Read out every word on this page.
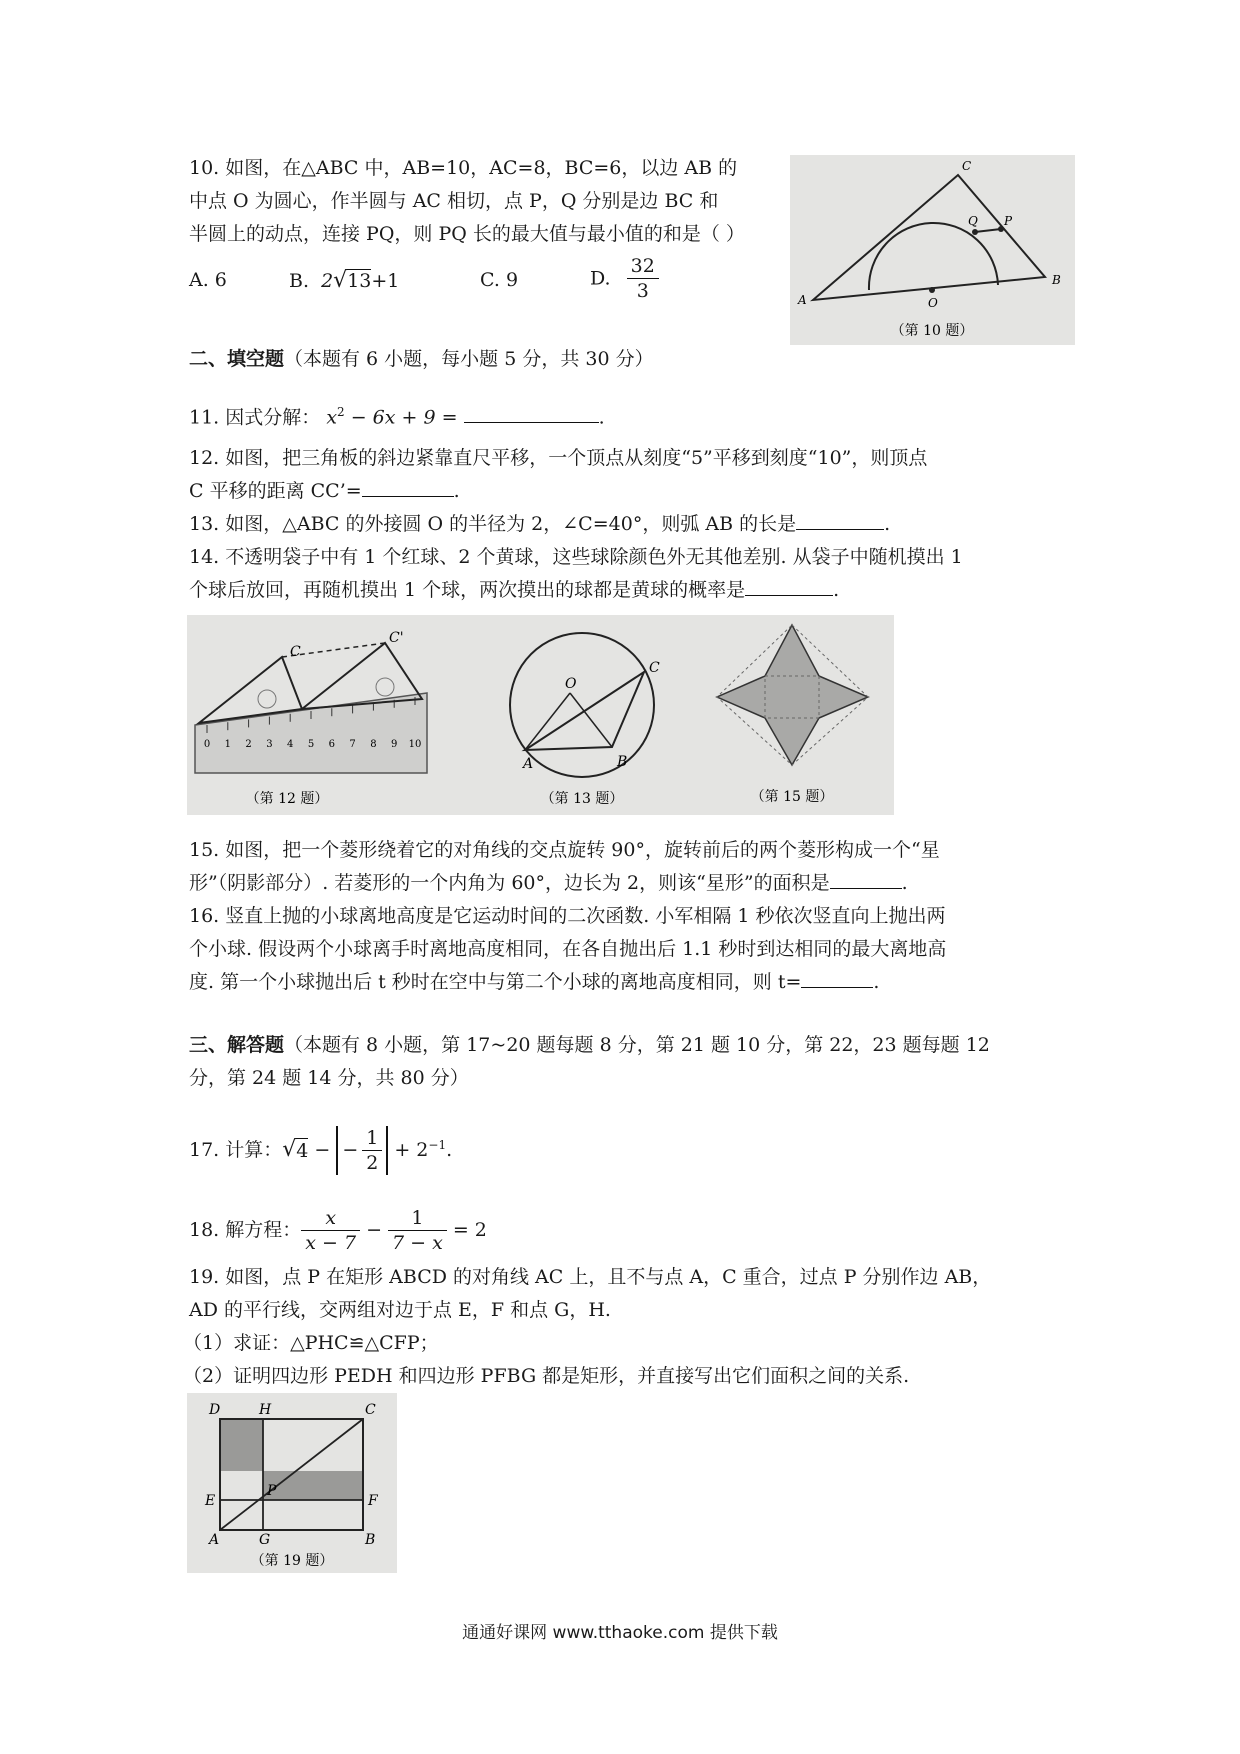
10. 如图，在△ABC 中，AB=10，AC=8，BC=6，以边 AB 的
中点 O 为圆心，作半圆与 AC 相切，点 P，Q 分别是边 BC 和
半圆上的动点，连接 PQ，则 PQ 长的最大值与最小值的和是（ ）
A. 6	B. 2√13+1	C. 9	D. $\frac{32}{3}$	A
B
C
O
Q P
（第 10 题）
二、填空题（本题有 6 小题，每小题 5 分，共 30 分）
11. 因式分解： $x^2 - 6x + 9$ =	.
12. 如图，把三角板的斜边紧靠直尺平移，一个顶点从刻度“5”平移到刻度“10”，则顶点
C 平移的距离 CC’=	.
13. 如图，△ABC 的外接圆 O 的半径为 2，∠C=40°，则弧 AB 的长是	.
14. 不透明袋子中有 1 个红球、2 个黄球，这些球除颜色外无其他差别. 从袋子中随机摸出 1
个球后放回，再随机摸出 1 个球，两次摸出的球都是黄球的概率是	.
0 1 2 3 4 5 6 7 8 9 10
C
C'
（第 12 题）
O
A	B
C
（第 13 题）	（第 15 题）
15. 如图，把一个菱形绕着它的对角线的交点旋转 90°，旋转前后的两个菱形构成一个“星
形”（阴影部分）. 若菱形的一个内角为 60°，边长为 2，则该“星形”的面积是	.
16. 竖直上抛的小球离地高度是它运动时间的二次函数. 小军相隔 1 秒依次竖直向上抛出两
个小球. 假设两个小球离手时离地高度相同，在各自抛出后 1.1 秒时到达相同的最大离地高
度. 第一个小球抛出后 t 秒时在空中与第二个小球的离地高度相同，则 t=	.
三、解答题（本题有 8 小题，第 17~20 题每题 8 分，第 21 题 10 分，第 22，23 题每题 12
分，第 24 题 14 分，共 80 分）
17. 计算： √ 4 − − $\frac{1}{2} + 2^{-1}$ .
18. 解方程： $\frac{x}{x - 7} - \frac{1}{7 - x} = 2$
19. 如图，点 P 在矩形 ABCD 的对角线 AC 上，且不与点 A，C 重合，过点 P 分别作边 AB，
AD 的平行线，交两组对边于点 E，F 和点 G，H.
（1）求证：△PHC≌△CFP；
（2）证明四边形 PEDH 和四边形 PFBG 都是矩形，并直接写出它们面积之间的关系.
D	H	C
P
E	F
A	G	B
（第 19 题）
通通好课网 www.tthaoke.com 提供下载
